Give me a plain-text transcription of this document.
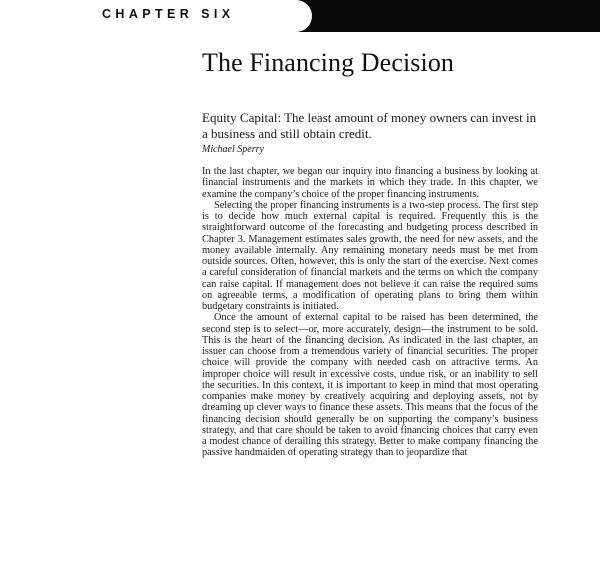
CHAPTER SIX
The Financing Decision

Equity Capital: The least amount of money owners can invest in a business and still obtain credit.

Michael Sperry

In the last chapter, we began our inquiry into financing a business by looking at financial instruments and the markets in which they trade. In this chapter, we examine the company’s choice of the proper financing instruments.

Selecting the proper financing instruments is a two-step process. The first step is to decide how much external capital is required. Frequently this is the straightforward outcome of the forecasting and budgeting process described in Chapter 3. Management estimates sales growth, the need for new assets, and the money available internally. Any remaining monetary needs must be met from outside sources. Often, however, this is only the start of the exercise. Next comes a careful consideration of financial markets and the terms on which the company can raise capital. If management does not believe it can raise the required sums on agreeable terms, a modification of operating plans to bring them within budgetary constraints is initiated.

Once the amount of external capital to be raised has been determined, the second step is to select—or, more accurately, design—the instrument to be sold. This is the heart of the financing decision. As indicated in the last chapter, an issuer can choose from a tremendous variety of financial securities. The proper choice will provide the company with needed cash on attractive terms. An improper choice will result in excessive costs, undue risk, or an inability to sell the securities. In this context, it is important to keep in mind that most operating companies make money by creatively acquiring and deploying assets, not by dreaming up clever ways to finance these assets. This means that the focus of the financing decision should generally be on supporting the company’s business strategy, and that care should be taken to avoid financing choices that carry even a modest chance of derailing this strategy. Better to make company financing the passive handmaiden of operating strategy than to jeopardize that
